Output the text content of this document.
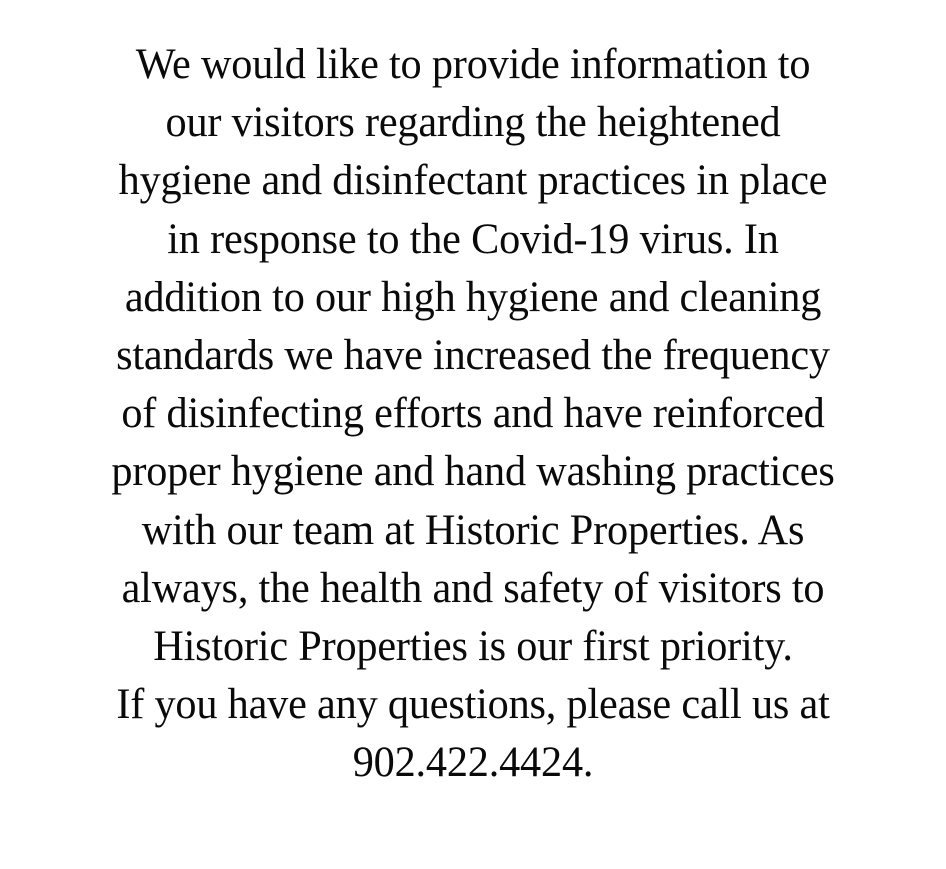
We would like to provide information to
our visitors regarding the heightened
hygiene and disinfectant practices in place
in response to the Covid-19 virus. In
addition to our high hygiene and cleaning
standards we have increased the frequency
of disinfecting efforts and have reinforced
proper hygiene and hand washing practices
with our team at Historic Properties. As
always, the health and safety of visitors to
Historic Properties is our first priority.
If you have any questions, please call us at
902.422.4424.
